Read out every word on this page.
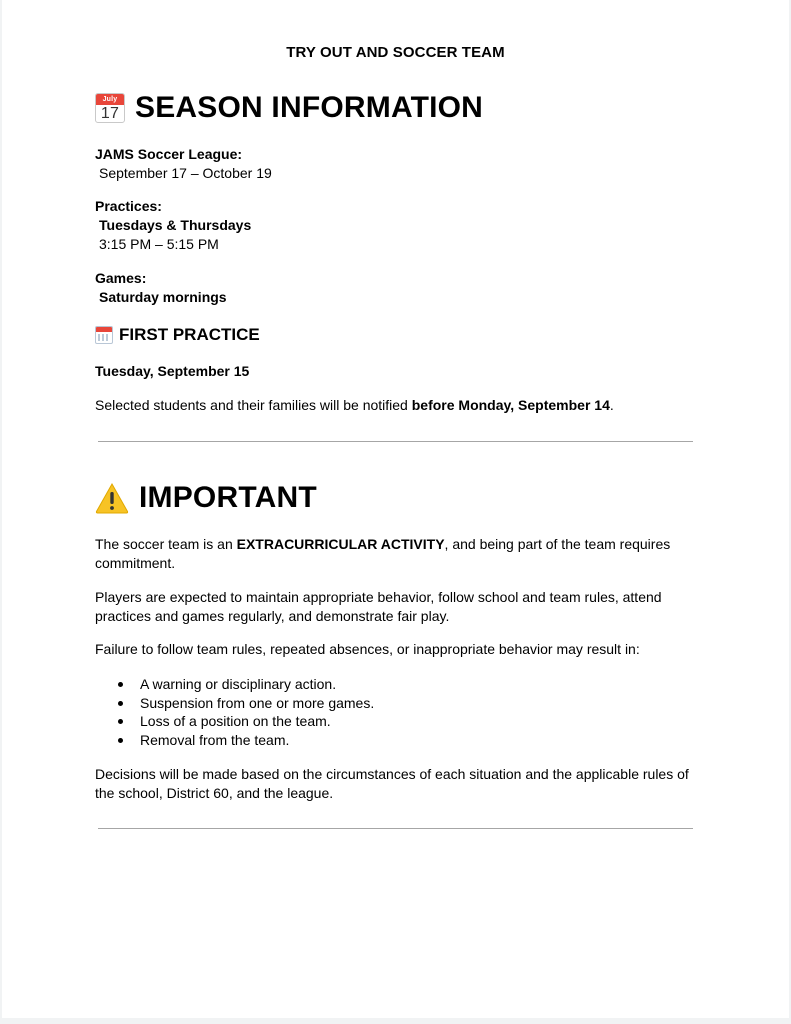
TRY OUT AND SOCCER TEAM
July
17 SEASON INFORMATION
JAMS Soccer League:
September 17 – October 19
Practices:
Tuesdays & Thursdays
3:15 PM – 5:15 PM
Games:
Saturday mornings
FIRST PRACTICE
Tuesday, September 15
Selected students and their families will be notified before Monday, September 14.
IMPORTANT
The soccer team is an EXTRACURRICULAR ACTIVITY, and being part of the team requires commitment.
Players are expected to maintain appropriate behavior, follow school and team rules, attend practices and games regularly, and demonstrate fair play.
Failure to follow team rules, repeated absences, or inappropriate behavior may result in:
A warning or disciplinary action.
Suspension from one or more games.
Loss of a position on the team.
Removal from the team.
Decisions will be made based on the circumstances of each situation and the applicable rules of the school, District 60, and the league.
